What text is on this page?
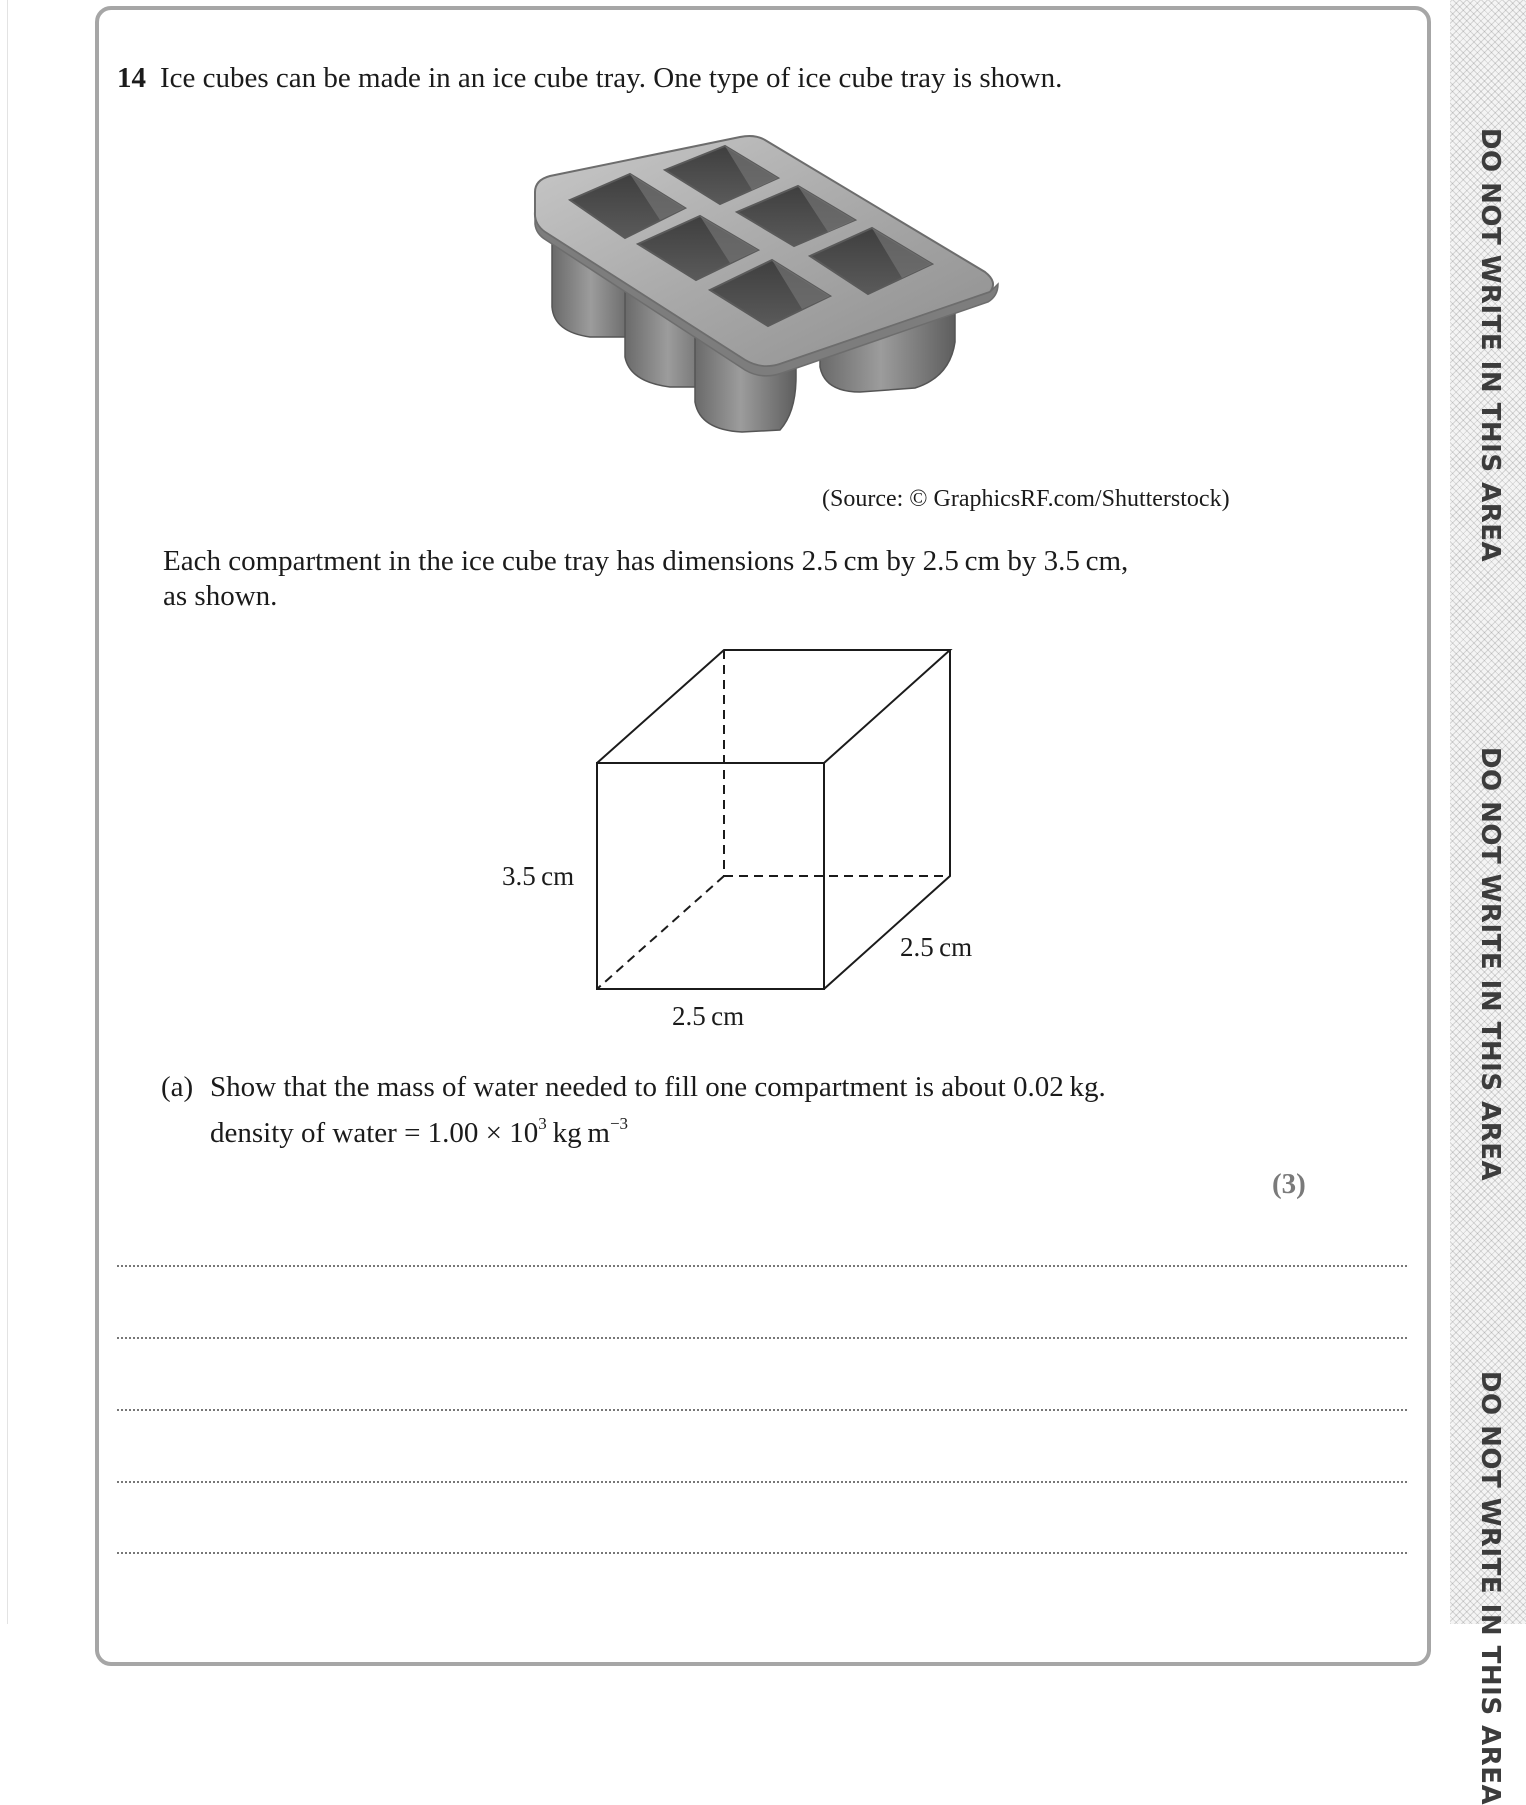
DO NOT WRITE IN THIS AREA
DO NOT WRITE IN THIS AREA
DO NOT WRITE IN THIS AREA
14 Ice cubes can be made in an ice cube tray. One type of ice cube tray is shown.
(Source: © GraphicsRF.com/Shutterstock)
Each compartment in the ice cube tray has dimensions 2.5 cm by 2.5 cm by 3.5 cm,
as shown.
3.5 cm
2.5 cm
2.5 cm
(a) Show that the mass of water needed to fill one compartment is about 0.02 kg.
density of water = $1.00 \times 10^3$ kg $m^{-3}$
(3)
